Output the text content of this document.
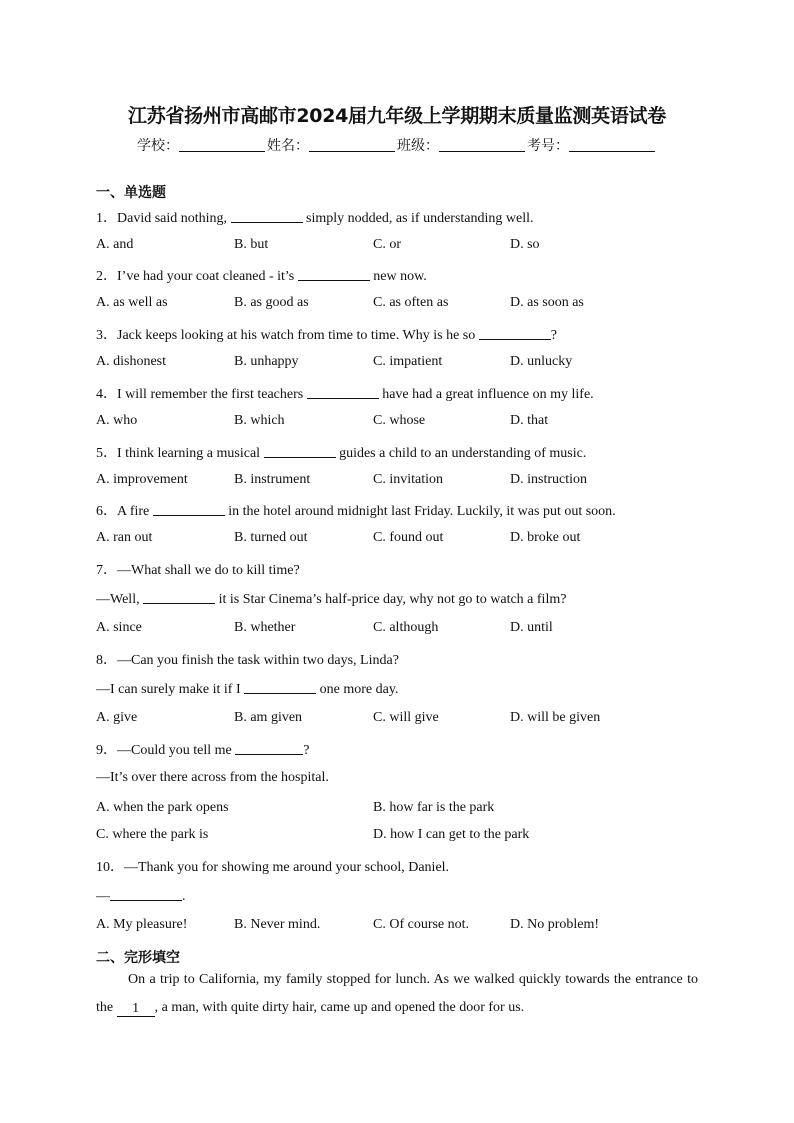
江苏省扬州市高邮市2024届九年级上学期期末质量监测英语试卷
学校：	姓名：	班级：	考号：
一、单选题
1．David said nothing,	simply nodded, as if understanding well.
A. and	B. but	C. or	D. so
2．I’ve had your coat cleaned - it’s	new now.
A. as well as	B. as good as	C. as often as	D. as soon as
3．Jack keeps looking at his watch from time to time. Why is he so	?
A. dishonest	B. unhappy	C. impatient	D. unlucky
4．I will remember the first teachers	have had a great influence on my life.
A. who	B. which	C. whose	D. that
5．I think learning a musical	guides a child to an understanding of music.
A. improvement	B. instrument	C. invitation	D. instruction
6．A fire	in the hotel around midnight last Friday. Luckily, it was put out soon.
A. ran out	B. turned out	C. found out	D. broke out
7．—What shall we do to kill time?
—Well,	it is Star Cinema’s half-price day, why not go to watch a film?
A. since	B. whether	C. although	D. until
8．—Can you finish the task within two days, Linda?
—I can surely make it if I	one more day.
A. give	B. am given	C. will give	D. will be given
9．—Could you tell me	?
—It’s over there across from the hospital.
A. when the park opens	B. how far is the park
C. where the park is	D. how I can get to the park
10．—Thank you for showing me around your school, Daniel.
—	.
A. My pleasure!	B. Never mind.	C. Of course not.	D. No problem!
二、完形填空
On a trip to California, my family stopped for lunch. As we walked quickly towards the entrance to the 1 , a man, with quite dirty hair, came up and opened the door for us.
